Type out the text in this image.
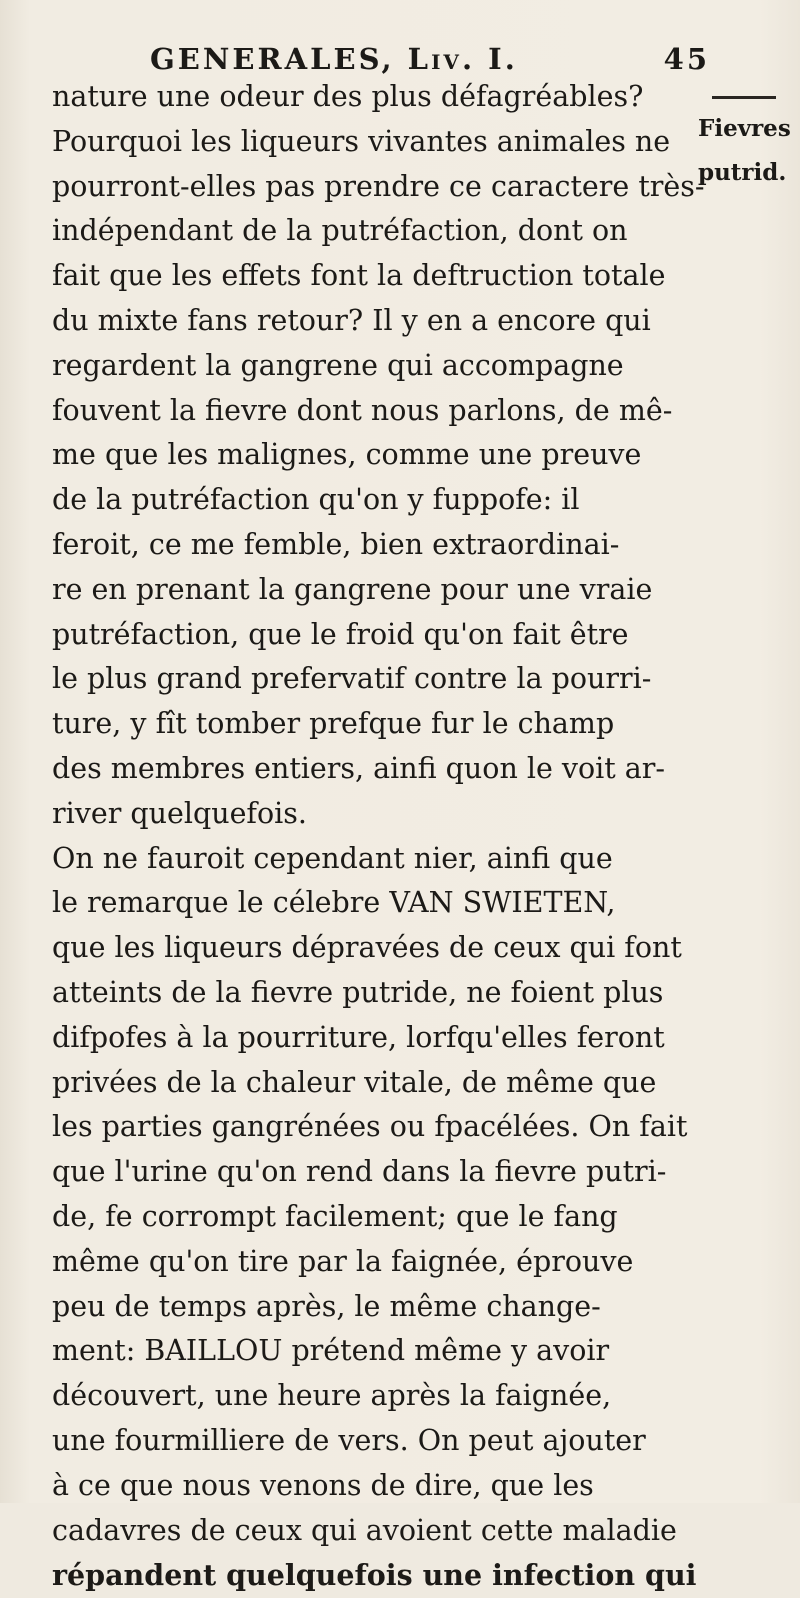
GENERALES, Liv. I.	45
Fievres
putrid.
nature une odeur des plus défagréables?
Pourquoi les liqueurs vivantes animales ne
pourront-elles pas prendre ce caractere très-
indépendant de la putréfaction, dont on
fait que les effets font la deftruction totale
du mixte fans retour? Il y en a encore qui
regardent la gangrene qui accompagne
fouvent la fievre dont nous parlons, de mê-
me que les malignes, comme une preuve
de la putréfaction qu'on y fuppofe: il
feroit, ce me femble, bien extraordinai-
re en prenant la gangrene pour une vraie
putréfaction, que le froid qu'on fait être
le plus grand prefervatif contre la pourri-
ture, y fît tomber prefque fur le champ
des membres entiers, ainfi quon le voit ar-
river quelquefois.
On ne fauroit cependant nier, ainfi que
le remarque le célebre VAN SWIETEN,
que les liqueurs dépravées de ceux qui font
atteints de la fievre putride, ne foient plus
difpofes à la pourriture, lorfqu'elles feront
privées de la chaleur vitale, de même que
les parties gangrénées ou fpacélées. On fait
que l'urine qu'on rend dans la fievre putri-
de, fe corrompt facilement; que le fang
même qu'on tire par la faignée, éprouve
peu de temps après, le même change-
ment: BAILLOU prétend même y avoir
découvert, une heure après la faignée,
une fourmilliere de vers. On peut ajouter
à ce que nous venons de dire, que les
cadavres de ceux qui avoient cette maladie
répandent quelquefois une infection qui
